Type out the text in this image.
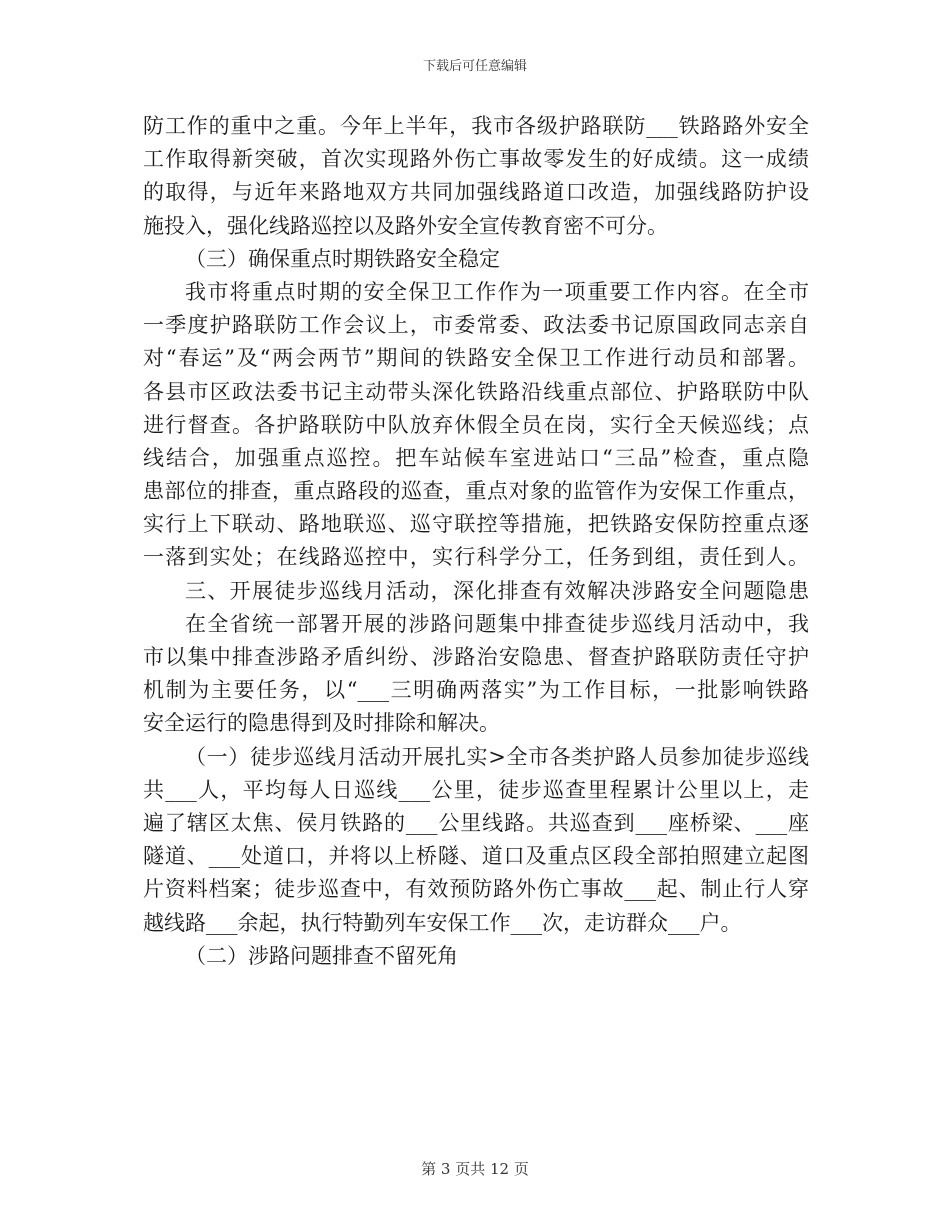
下载后可任意编辑
防工作的重中之重。今年上半年，我市各级护路联防___铁路路外安全
工作取得新突破，首次实现路外伤亡事故零发生的好成绩。这一成绩
的取得，与近年来路地双方共同加强线路道口改造，加强线路防护设
施投入，强化线路巡控以及路外安全宣传教育密不可分。
（三）确保重点时期铁路安全稳定
我市将重点时期的安全保卫工作作为一项重要工作内容。在全市
一季度护路联防工作会议上，市委常委、政法委书记原国政同志亲自
对“春运”及“两会两节”期间的铁路安全保卫工作进行动员和部署。
各县市区政法委书记主动带头深化铁路沿线重点部位、护路联防中队
进行督查。各护路联防中队放弃休假全员在岗，实行全天候巡线；点
线结合，加强重点巡控。把车站候车室进站口“三品”检查，重点隐
患部位的排查，重点路段的巡查，重点对象的监管作为安保工作重点，
实行上下联动、路地联巡、巡守联控等措施，把铁路安保防控重点逐
一落到实处；在线路巡控中，实行科学分工，任务到组，责任到人。
三、开展徒步巡线月活动，深化排查有效解决涉路安全问题隐患
在全省统一部署开展的涉路问题集中排查徒步巡线月活动中，我
市以集中排查涉路矛盾纠纷、涉路治安隐患、督查护路联防责任守护
机制为主要任务，以“___三明确两落实”为工作目标，一批影响铁路
安全运行的隐患得到及时排除和解决。
（一）徒步巡线月活动开展扎实>全市各类护路人员参加徒步巡线
共___人，平均每人日巡线___公里，徒步巡查里程累计公里以上，走
遍了辖区太焦、侯月铁路的___公里线路。共巡查到___座桥梁、___座
隧道、___处道口，并将以上桥隧、道口及重点区段全部拍照建立起图
片资料档案；徒步巡查中，有效预防路外伤亡事故___起、制止行人穿
越线路___余起，执行特勤列车安保工作___次，走访群众___户。
（二）涉路问题排查不留死角
第 3 页共 12 页
